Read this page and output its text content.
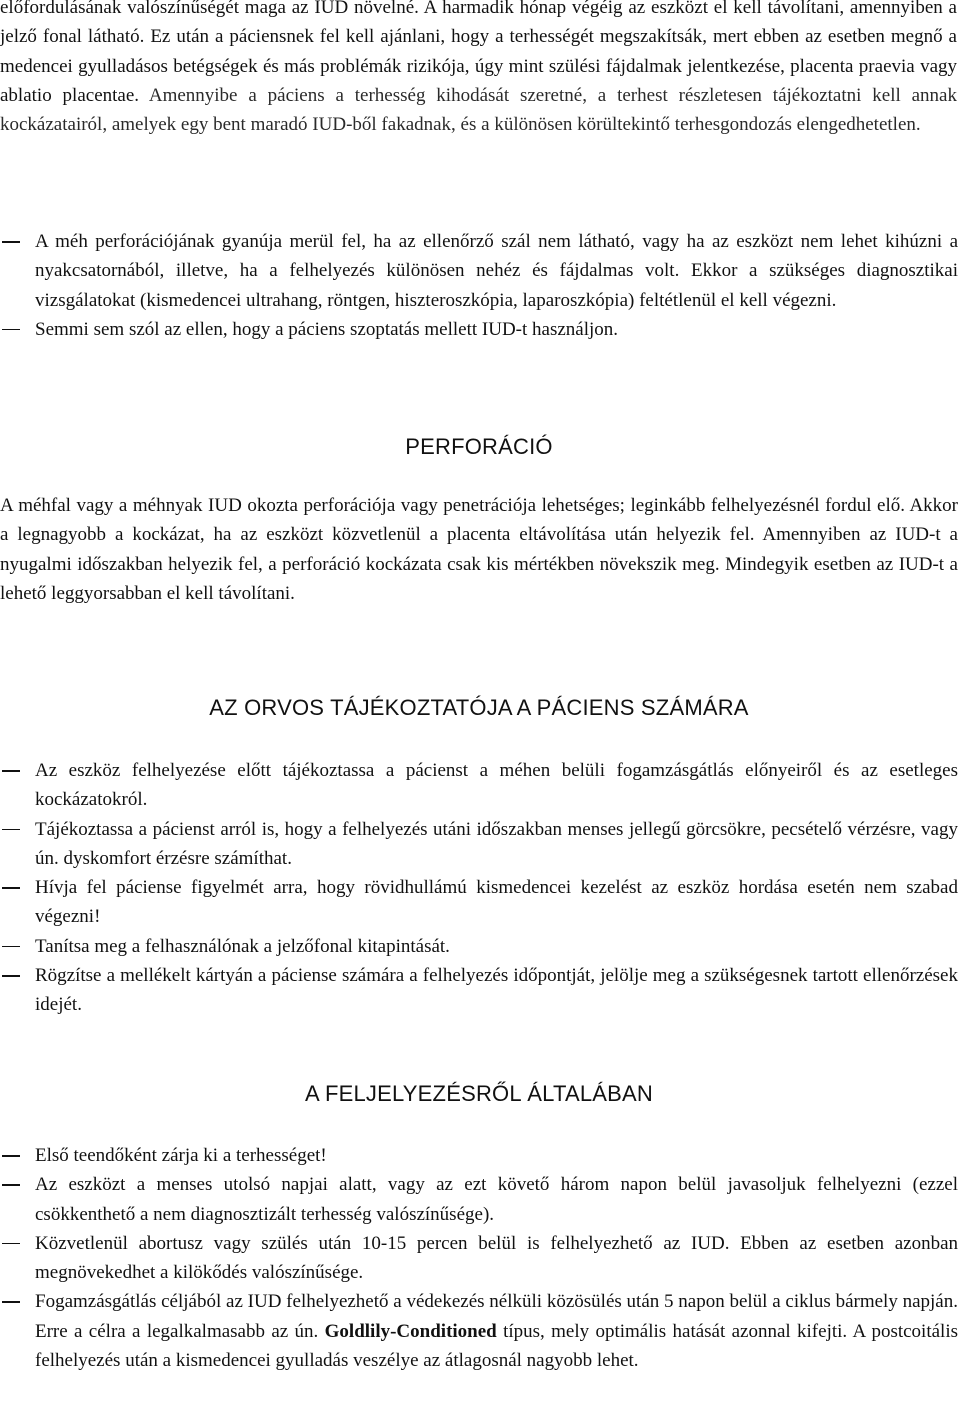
előfordulásának valószínűségét maga az IUD növelné. A harmadik hónap végéig az eszközt el kell távolítani, amennyiben a jelző fonal látható. Ez után a páciensnek fel kell ajánlani, hogy a terhességét megszakítsák, mert ebben az esetben megnő a medencei gyulladásos betégségek és más problémák rizikója, úgy mint szülési fájdalmak jelentkezése, placenta praevia vagy ablatio placentae. Amennyibe a páciens a terhesség kihodását szeretné, a terhest részletesen tájékoztatni kell annak kockázatairól, amelyek egy bent maradó IUD-ből fakadnak, és a különösen körültekintő terhesgondozás elengedhetetlen.

A méh perforációjának gyanúja merül fel, ha az ellenőrző szál nem látható, vagy ha az eszközt nem lehet kihúzni a nyakcsatornából, illetve, ha a felhelyezés különösen nehéz és fájdalmas volt. Ekkor a szükséges diagnosztikai vizsgálatokat (kismedencei ultrahang, röntgen, hiszteroszkópia, laparoszkópia) feltétlenül el kell végezni.

Semmi sem szól az ellen, hogy a páciens szoptatás mellett IUD-t használjon.

PERFORÁCIÓ

A méhfal vagy a méhnyak IUD okozta perforációja vagy penetrációja lehetséges; leginkább felhelyezésnél fordul elő. Akkor a legnagyobb a kockázat, ha az eszközt közvetlenül a placenta eltávolítása után helyezik fel. Amennyiben az IUD-t a nyugalmi időszakban helyezik fel, a perforáció kockázata csak kis mértékben növekszik meg. Mindegyik esetben az IUD-t a lehető leggyorsabban el kell távolítani.

AZ ORVOS TÁJÉKOZTATÓJA A PÁCIENS SZÁMÁRA

Az eszköz felhelyezése előtt tájékoztassa a pácienst a méhen belüli fogamzásgátlás előnyeiről és az esetleges kockázatokról.

Tájékoztassa a pácienst arról is, hogy a felhelyezés utáni időszakban menses jellegű görcsökre, pecsételő vérzésre, vagy ún. dyskomfort érzésre számíthat.

Hívja fel páciense figyelmét arra, hogy rövidhullámú kismedencei kezelést az eszköz hordása esetén nem szabad végezni!

Tanítsa meg a felhasználónak a jelzőfonal kitapintását.

Rögzítse a mellékelt kártyán a páciense számára a felhelyezés időpontját, jelölje meg a szükségesnek tartott ellenőrzések idejét.

A FELJELYEZÉSRŐL ÁLTALÁBAN

Első teendőként zárja ki a terhességet!

Az eszközt a menses utolsó napjai alatt, vagy az ezt követő három napon belül javasoljuk felhelyezni (ezzel csökkenthető a nem diagnosztizált terhesség valószínűsége).

Közvetlenül abortusz vagy szülés után 10-15 percen belül is felhelyezhető az IUD. Ebben az esetben azonban megnövekedhet a kilökődés valószínűsége.

Fogamzásgátlás céljából az IUD felhelyezhető a védekezés nélküli közösülés után 5 napon belül a ciklus bármely napján. Erre a célra a legalkalmasabb az ún. Goldlily-Conditioned típus, mely optimális hatását azonnal kifejti. A postcoitális felhelyezés után a kismedencei gyulladás veszélye az átlagosnál nagyobb lehet.
